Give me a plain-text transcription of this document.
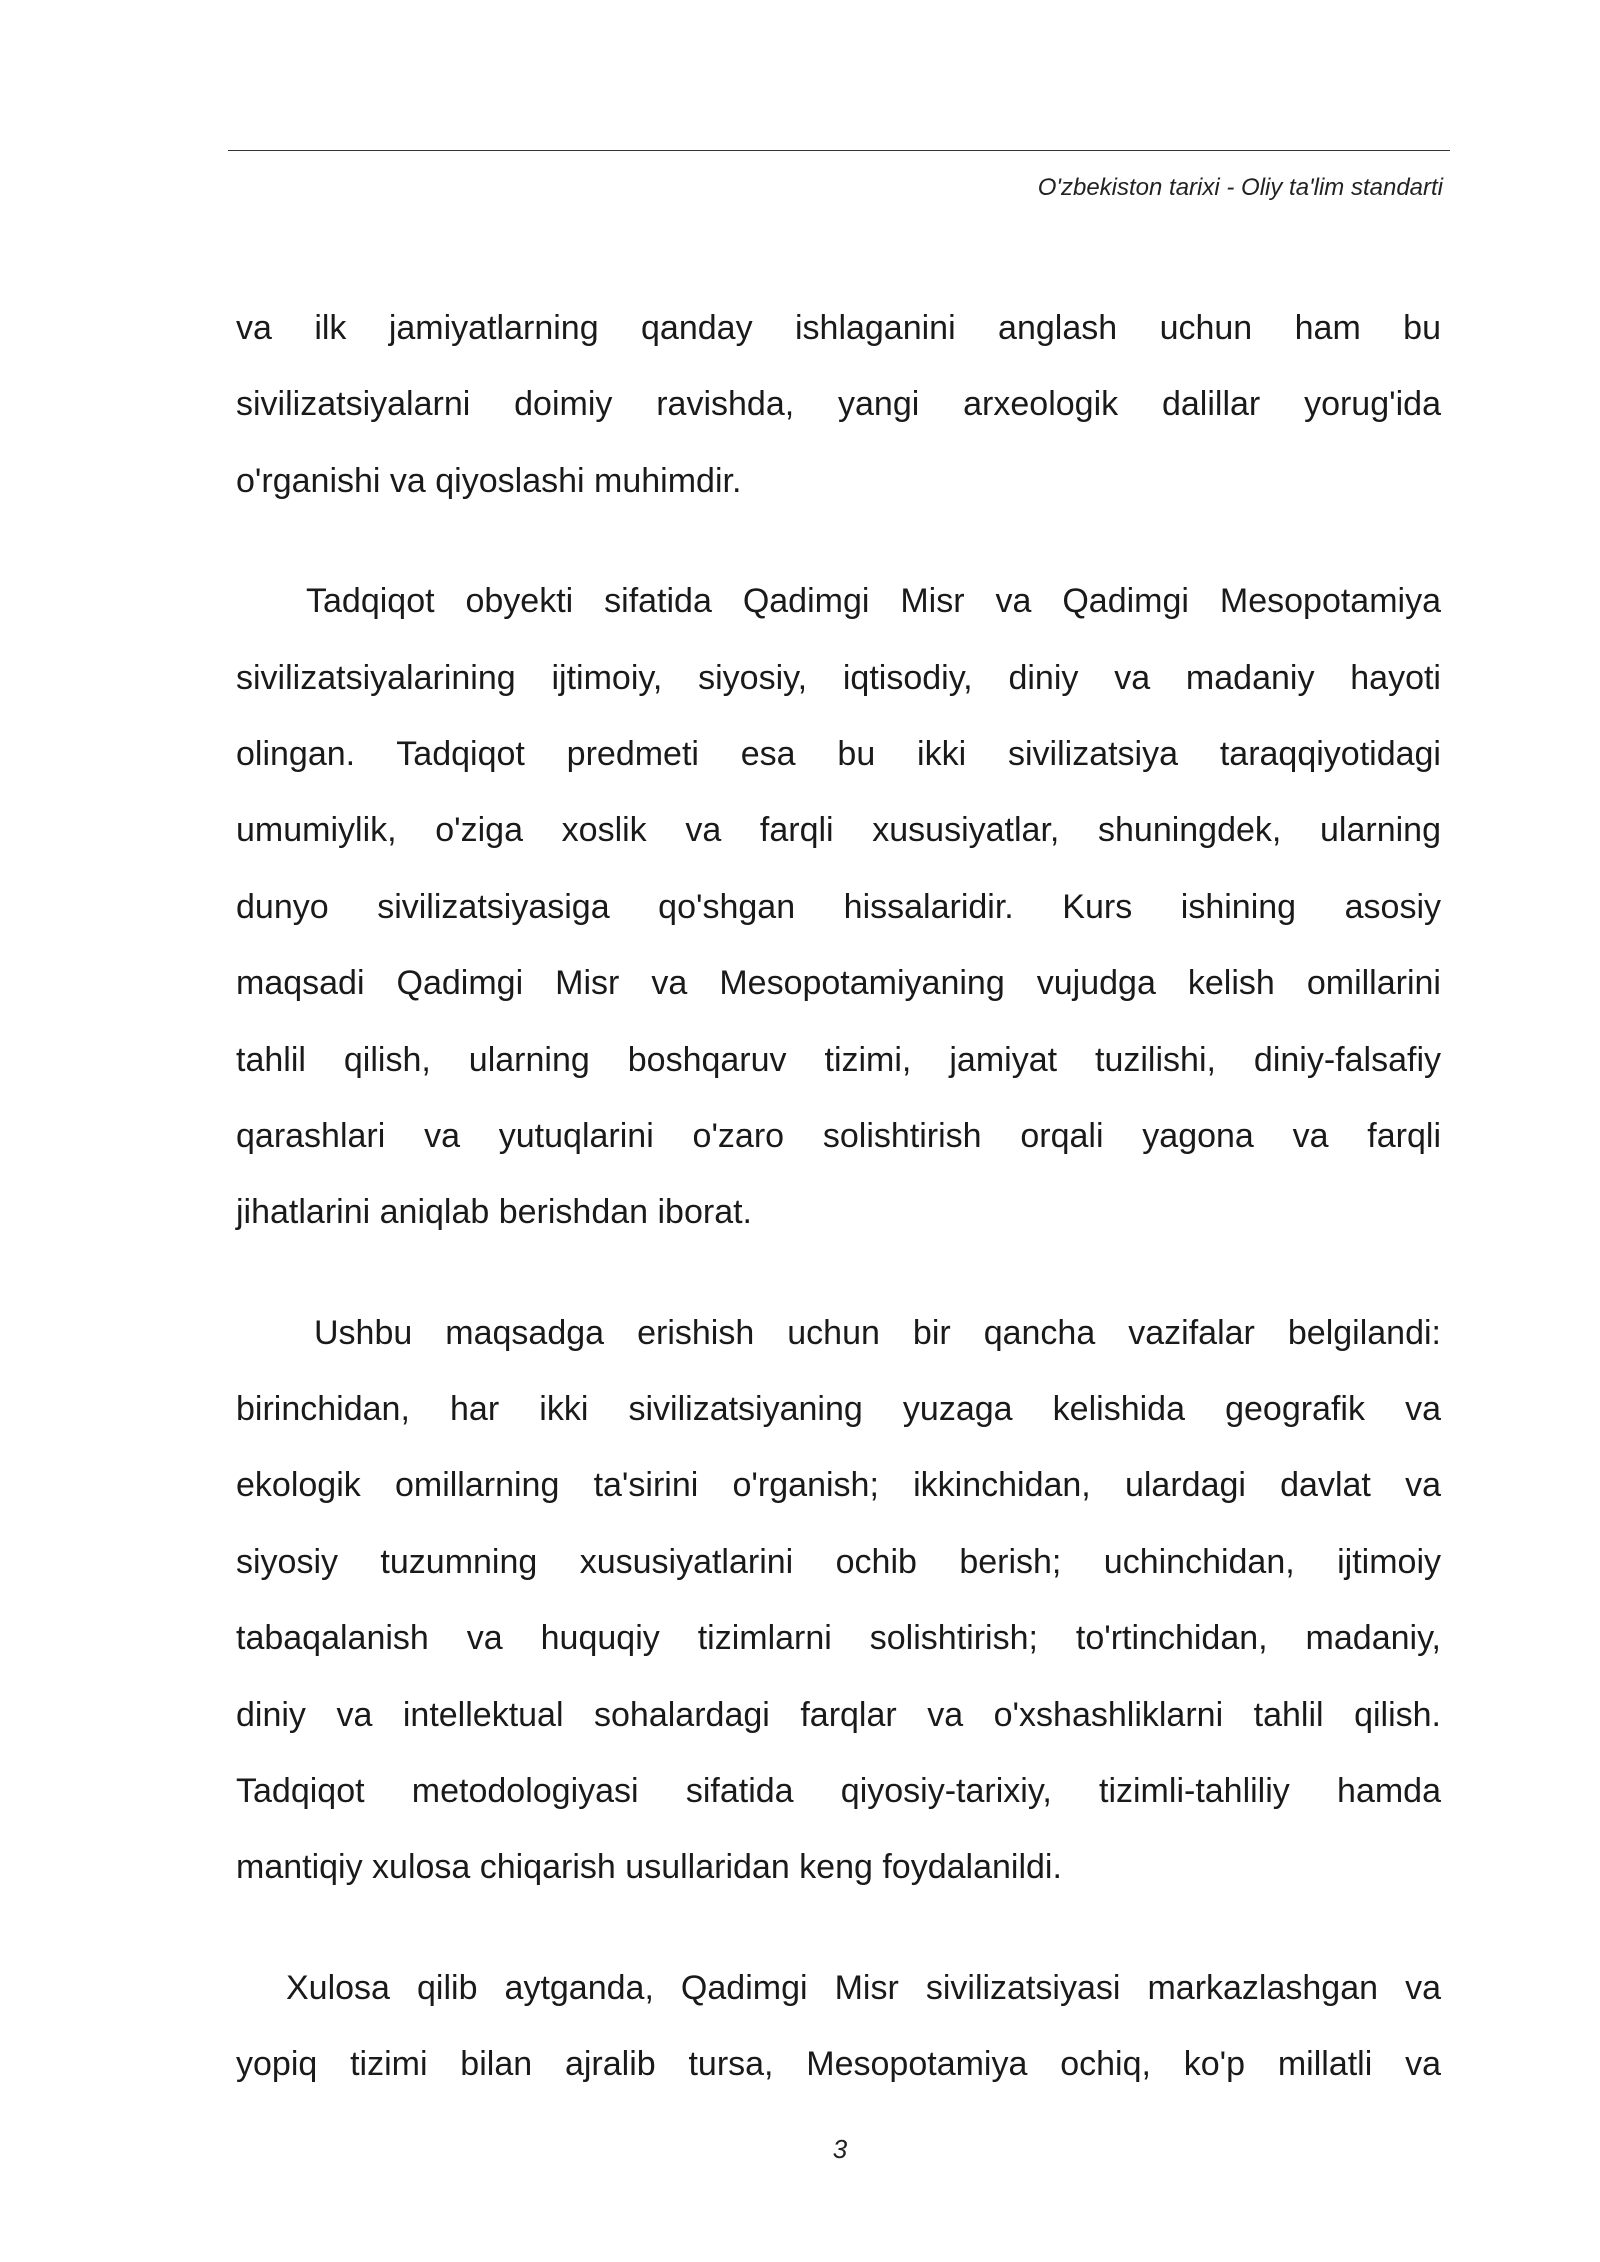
O'zbekiston tarixi - Oliy ta'lim standarti
va ilk jamiyatlarning qanday ishlaganini anglash uchun ham bu
sivilizatsiyalarni doimiy ravishda, yangi arxeologik dalillar yorug'ida
o'rganishi va qiyoslashi muhimdir.
Tadqiqot obyekti sifatida Qadimgi Misr va Qadimgi Mesopotamiya
sivilizatsiyalarining ijtimoiy, siyosiy, iqtisodiy, diniy va madaniy hayoti
olingan. Tadqiqot predmeti esa bu ikki sivilizatsiya taraqqiyotidagi
umumiylik, o'ziga xoslik va farqli xususiyatlar, shuningdek, ularning
dunyo sivilizatsiyasiga qo'shgan hissalaridir. Kurs ishining asosiy
maqsadi Qadimgi Misr va Mesopotamiyaning vujudga kelish omillarini
tahlil qilish, ularning boshqaruv tizimi, jamiyat tuzilishi, diniy-falsafiy
qarashlari va yutuqlarini o'zaro solishtirish orqali yagona va farqli
jihatlarini aniqlab berishdan iborat.
Ushbu maqsadga erishish uchun bir qancha vazifalar belgilandi:
birinchidan, har ikki sivilizatsiyaning yuzaga kelishida geografik va
ekologik omillarning ta'sirini o'rganish; ikkinchidan, ulardagi davlat va
siyosiy tuzumning xususiyatlarini ochib berish; uchinchidan, ijtimoiy
tabaqalanish va huquqiy tizimlarni solishtirish; to'rtinchidan, madaniy,
diniy va intellektual sohalardagi farqlar va o'xshashliklarni tahlil qilish.
Tadqiqot metodologiyasi sifatida qiyosiy-tarixiy, tizimli-tahliliy hamda
mantiqiy xulosa chiqarish usullaridan keng foydalanildi.
Xulosa qilib aytganda, Qadimgi Misr sivilizatsiyasi markazlashgan va
yopiq tizimi bilan ajralib tursa, Mesopotamiya ochiq, ko'p millatli va
3
